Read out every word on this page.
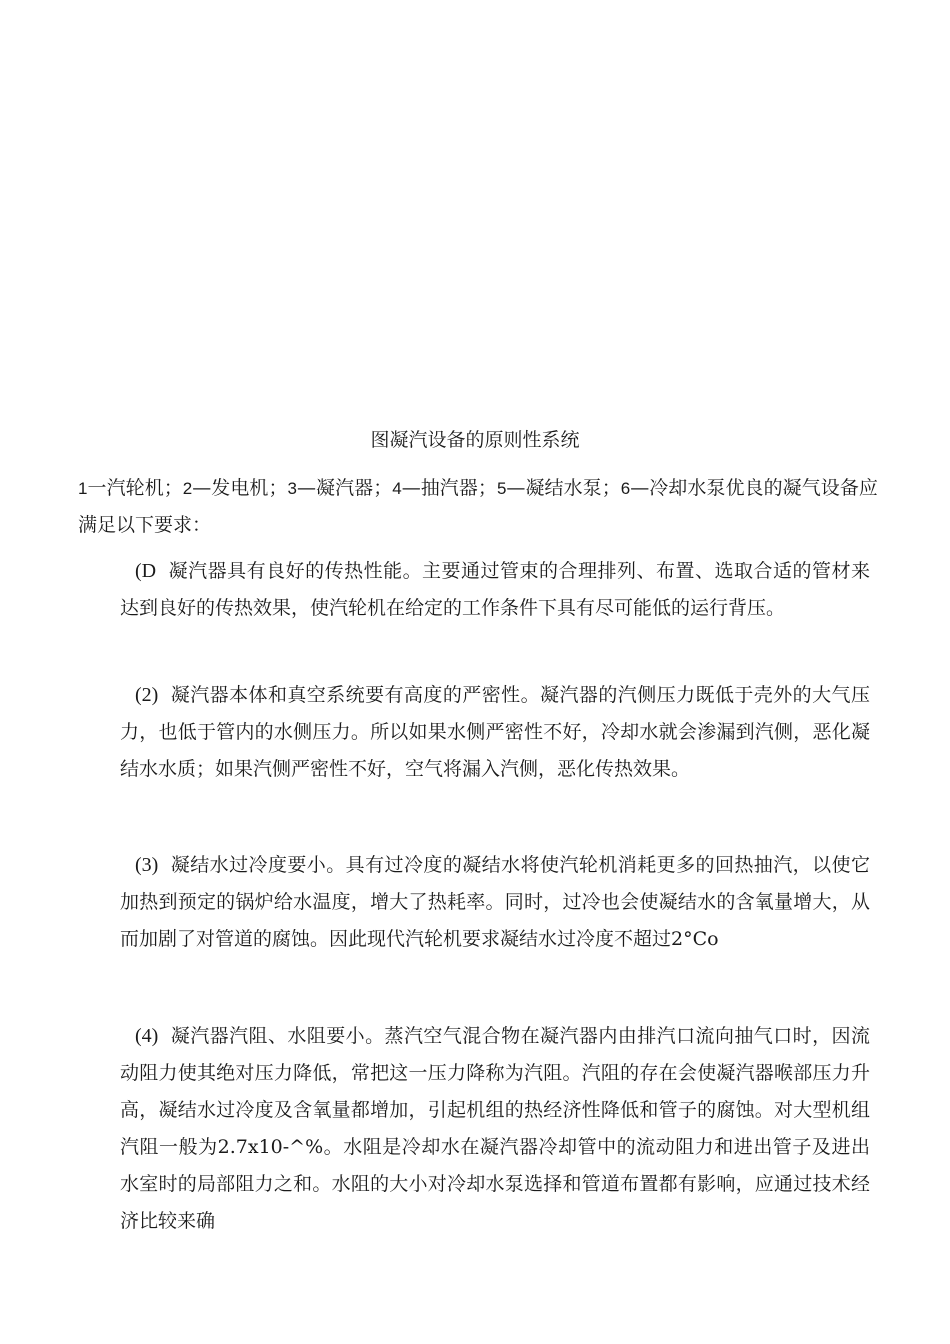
图凝汽设备的原则性系统
1一汽轮机；2—发电机；3—凝汽器；4—抽汽器；5—凝结水泵；6—冷却水泵优良的凝气设备应满足以下要求：
(D 凝汽器具有良好的传热性能。主要通过管束的合理排列、布置、选取合适的管材来达到良好的传热效果，使汽轮机在给定的工作条件下具有尽可能低的运行背压。
(2) 凝汽器本体和真空系统要有高度的严密性。凝汽器的汽侧压力既低于壳外的大气压力，也低于管内的水侧压力。所以如果水侧严密性不好，冷却水就会渗漏到汽侧，恶化凝结水水质；如果汽侧严密性不好，空气将漏入汽侧，恶化传热效果。
(3) 凝结水过冷度要小。具有过冷度的凝结水将使汽轮机消耗更多的回热抽汽，以使它加热到预定的锅炉给水温度，增大了热耗率。同时，过冷也会使凝结水的含氧量增大，从而加剧了对管道的腐蚀。因此现代汽轮机要求凝结水过冷度不超过2°Co
(4) 凝汽器汽阻、水阻要小。蒸汽空气混合物在凝汽器内由排汽口流向抽气口时，因流动阻力使其绝对压力降低，常把这一压力降称为汽阻。汽阻的存在会使凝汽器喉部压力升高，凝结水过冷度及含氧量都增加，引起机组的热经济性降低和管子的腐蚀。对大型机组汽阻一般为2.7x10-^%。水阻是冷却水在凝汽器冷却管中的流动阻力和进出管子及进出水室时的局部阻力之和。水阻的大小对冷却水泵选择和管道布置都有影响，应通过技术经济比较来确
